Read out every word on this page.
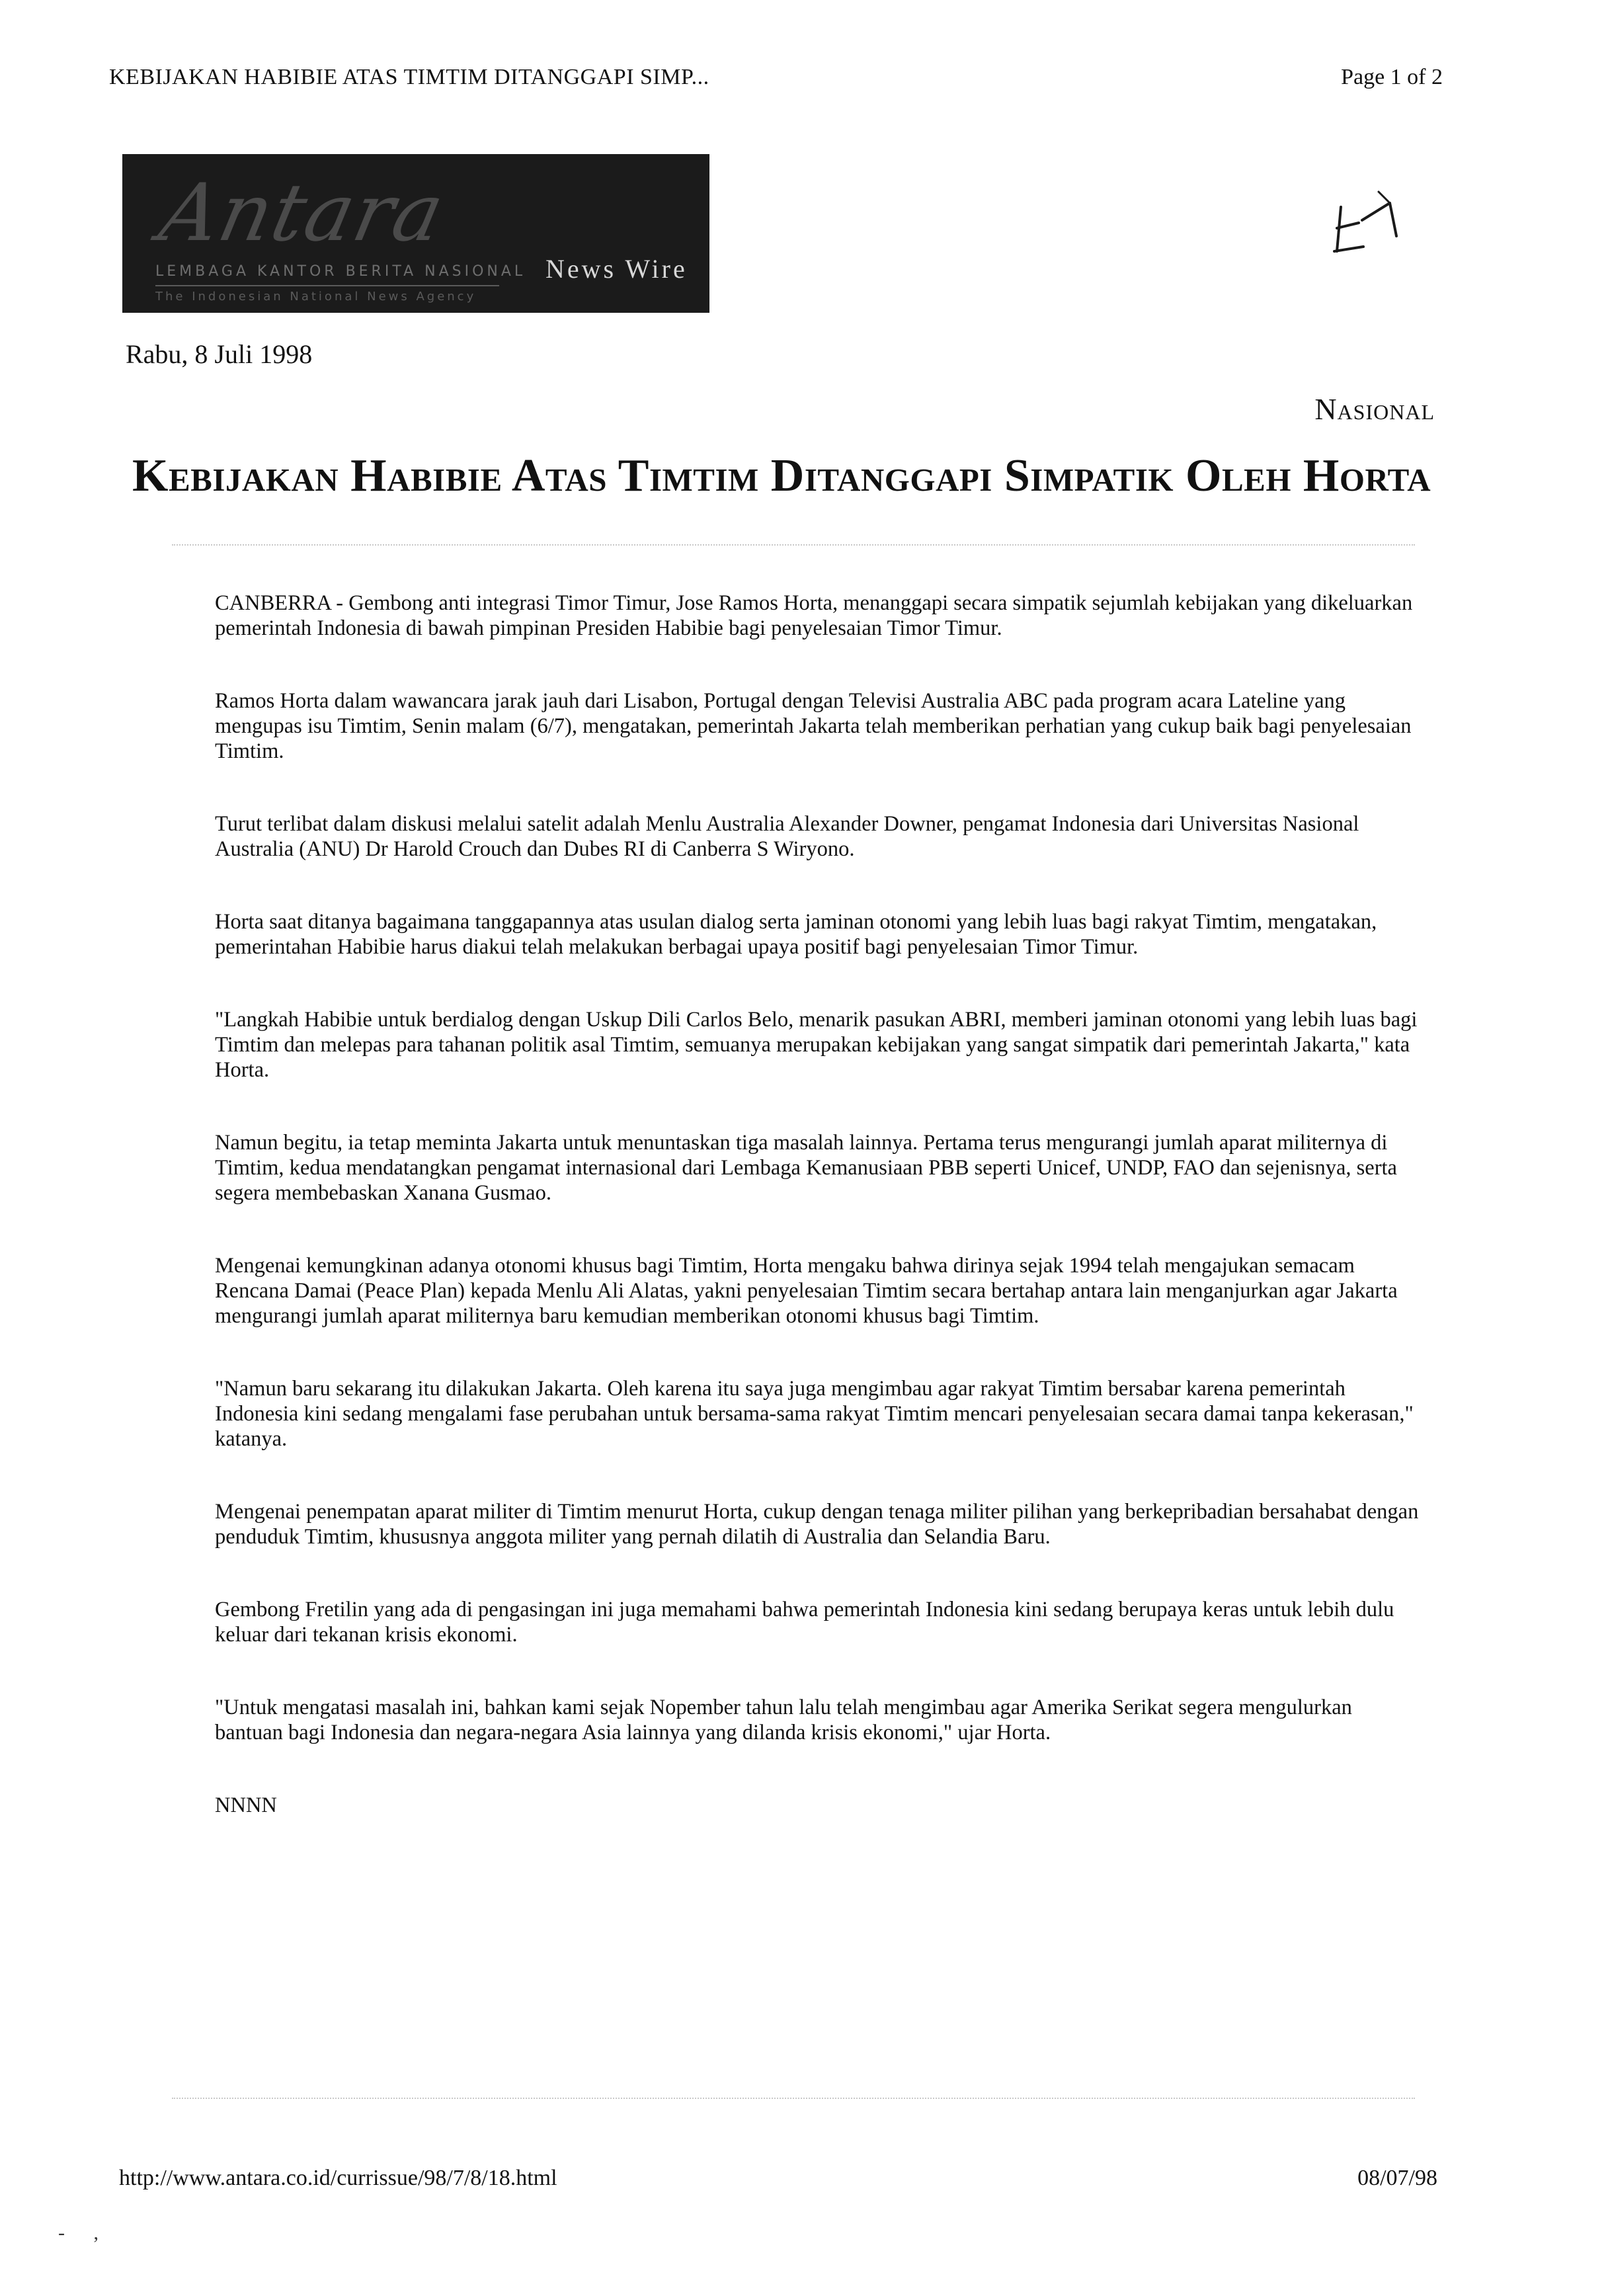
KEBIJAKAN HABIBIE ATAS TIMTIM DITANGGAPI SIMP...	Page 1 of 2
Antara
LEMBAGA KANTOR BERITA NASIONAL
The Indonesian National News Agency
News Wire
Rabu, 8 Juli 1998
Nasional
Kebijakan Habibie Atas Timtim Ditanggapi Simpatik Oleh Horta

CANBERRA - Gembong anti integrasi Timor Timur, Jose Ramos Horta, menanggapi secara simpatik sejumlah kebijakan yang dikeluarkan pemerintah Indonesia di bawah pimpinan Presiden Habibie bagi penyelesaian Timor Timur.

Ramos Horta dalam wawancara jarak jauh dari Lisabon, Portugal dengan Televisi Australia ABC pada program acara Lateline yang mengupas isu Timtim, Senin malam (6/7), mengatakan, pemerintah Jakarta telah memberikan perhatian yang cukup baik bagi penyelesaian Timtim.

Turut terlibat dalam diskusi melalui satelit adalah Menlu Australia Alexander Downer, pengamat Indonesia dari Universitas Nasional Australia (ANU) Dr Harold Crouch dan Dubes RI di Canberra S Wiryono.

Horta saat ditanya bagaimana tanggapannya atas usulan dialog serta jaminan otonomi yang lebih luas bagi rakyat Timtim, mengatakan, pemerintahan Habibie harus diakui telah melakukan berbagai upaya positif bagi penyelesaian Timor Timur.

"Langkah Habibie untuk berdialog dengan Uskup Dili Carlos Belo, menarik pasukan ABRI, memberi jaminan otonomi yang lebih luas bagi Timtim dan melepas para tahanan politik asal Timtim, semuanya merupakan kebijakan yang sangat simpatik dari pemerintah Jakarta," kata Horta.

Namun begitu, ia tetap meminta Jakarta untuk menuntaskan tiga masalah lainnya. Pertama terus mengurangi jumlah aparat militernya di Timtim, kedua mendatangkan pengamat internasional dari Lembaga Kemanusiaan PBB seperti Unicef, UNDP, FAO dan sejenisnya, serta segera membebaskan Xanana Gusmao.

Mengenai kemungkinan adanya otonomi khusus bagi Timtim, Horta mengaku bahwa dirinya sejak 1994 telah mengajukan semacam Rencana Damai (Peace Plan) kepada Menlu Ali Alatas, yakni penyelesaian Timtim secara bertahap antara lain menganjurkan agar Jakarta mengurangi jumlah aparat militernya baru kemudian memberikan otonomi khusus bagi Timtim.

"Namun baru sekarang itu dilakukan Jakarta. Oleh karena itu saya juga mengimbau agar rakyat Timtim bersabar karena pemerintah Indonesia kini sedang mengalami fase perubahan untuk bersama-sama rakyat Timtim mencari penyelesaian secara damai tanpa kekerasan," katanya.

Mengenai penempatan aparat militer di Timtim menurut Horta, cukup dengan tenaga militer pilihan yang berkepribadian bersahabat dengan penduduk Timtim, khususnya anggota militer yang pernah dilatih di Australia dan Selandia Baru.

Gembong Fretilin yang ada di pengasingan ini juga memahami bahwa pemerintah Indonesia kini sedang berupaya keras untuk lebih dulu keluar dari tekanan krisis ekonomi.

"Untuk mengatasi masalah ini, bahkan kami sejak Nopember tahun lalu telah mengimbau agar Amerika Serikat segera mengulurkan bantuan bagi Indonesia dan negara-negara Asia lainnya yang dilanda krisis ekonomi," ujar Horta.

NNNN

http://www.antara.co.id/currissue/98/7/8/18.html	08/07/98
- ,
